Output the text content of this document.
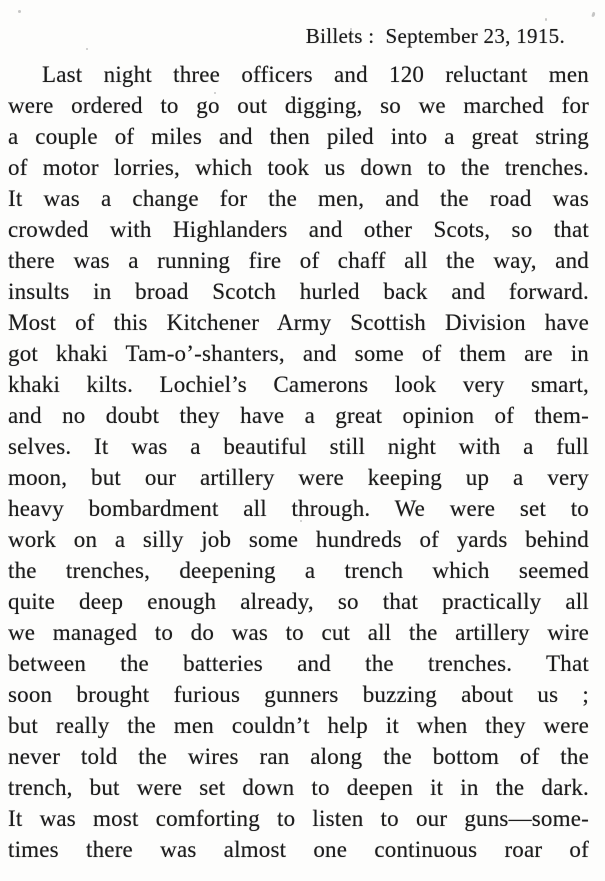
Billets :  September 23, 1915.
Last night three officers and 120 reluctant men
were ordered to go out digging, so we marched for
a couple of miles and then piled into a great string
of motor lorries, which took us down to the trenches.
It was a change for the men, and the road was
crowded with Highlanders and other Scots, so that
there was a running fire of chaff all the way, and
insults in broad Scotch hurled back and forward.
Most of this Kitchener Army Scottish Division have
got khaki Tam-o’-shanters, and some of them are in
khaki kilts. Lochiel’s Camerons look very smart,
and no doubt they have a great opinion of them-
selves. It was a beautiful still night with a full
moon, but our artillery were keeping up a very
heavy bombardment all through. We were set to
work on a silly job some hundreds of yards behind
the trenches, deepening a trench which seemed
quite deep enough already, so that practically all
we managed to do was to cut all the artillery wire
between the batteries and the trenches. That
soon brought furious gunners buzzing about us ;
but really the men couldn’t help it when they were
never told the wires ran along the bottom of the
trench, but were set down to deepen it in the dark.
It was most comforting to listen to our guns—some-
times there was almost one continuous roar of
